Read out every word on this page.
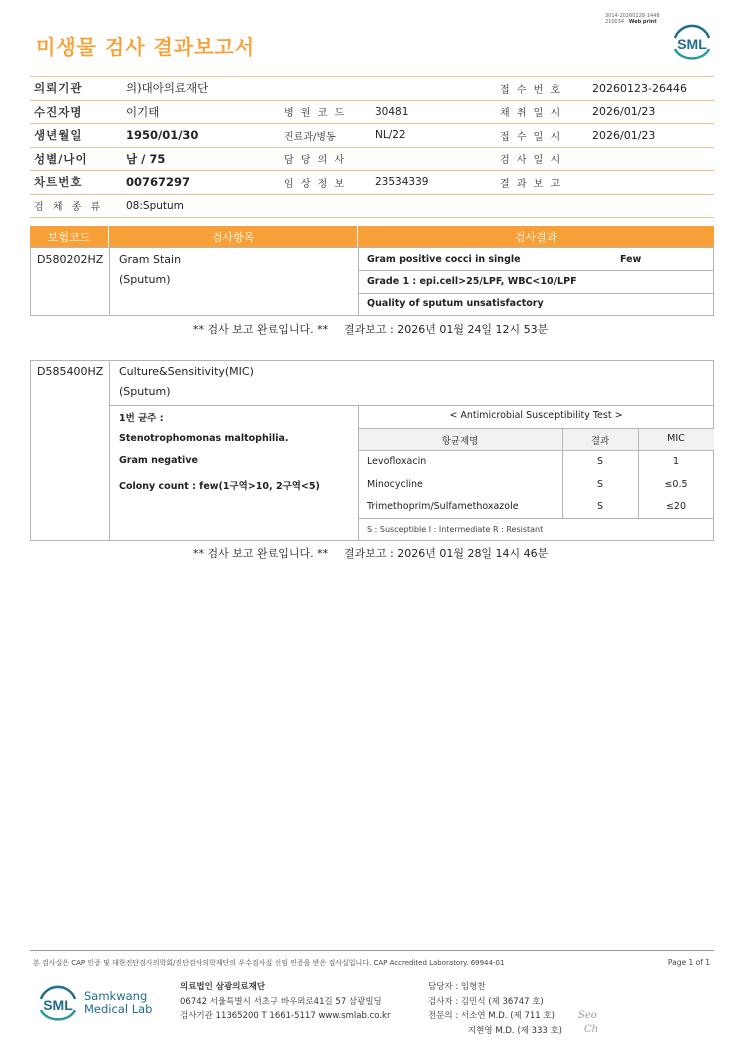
미생물 검사 결과보고서
3014-20260128-1448
210034 Web print
SML
의뢰기관	의)대아의료재단	접 수 번 호	20260123-26446
수진자명	이기태	병 원 코 드	30481	채 취 일 시	2026/01/23
생년월일	1950/01/30	진료과/병동	NL/22	접 수 일 시	2026/01/23
성별/나이	남 / 75	담 당 의 사	검 사 일 시
차트번호	00767297	임 상 정 보	23534339	결 과 보 고
검 체 종 류	08:Sputum
보험코드	검사항목	검사결과
D580202HZ Gram Stain
(Sputum)
Gram positive cocci in single	Few
Grade 1 : epi.cell>25/LPF, WBC<10/LPF
Quality of sputum unsatisfactory
** 검사 보고 완료입니다. ** 결과보고 : 2026년 01월 24일 12시 53분
D585400HZ Culture&Sensitivity(MIC)
(Sputum)
1번 균주 :
Stenotrophomonas maltophilia.
Gram negative
Colony count : few(1구역>10, 2구역<5)
< Antimicrobial Susceptibility Test >
항균제명	결과	MIC
Levofloxacin	S	1
Minocycline	S	≤0.5
Trimethoprim/Sulfamethoxazole	S	≤20
S : Susceptible I : Intermediate R : Resistant
** 검사 보고 완료입니다. ** 결과보고 : 2026년 01월 28일 14시 46분
본 검사실은 CAP 인증 및 대한진단검사의학회/진단검사의학재단의 우수검사실 신임 인증을 받은 검사실입니다. CAP Accredited Laboratory. 69944-01	Page 1 of 1
SML
Samkwang
Medical Lab
의료법인 삼광의료재단
06742 서울특별시 서초구 바우뫼로41길 57 삼광빌딩
검사기관 11365200 T 1661-5117 www.smlab.co.kr
담당자 : 임형찬
검사자 : 김민식 (제 36747 호)
전문의 : 서소연 M.D. (제 711 호)
지현영 M.D. (제 333 호)
Seo
Ch
